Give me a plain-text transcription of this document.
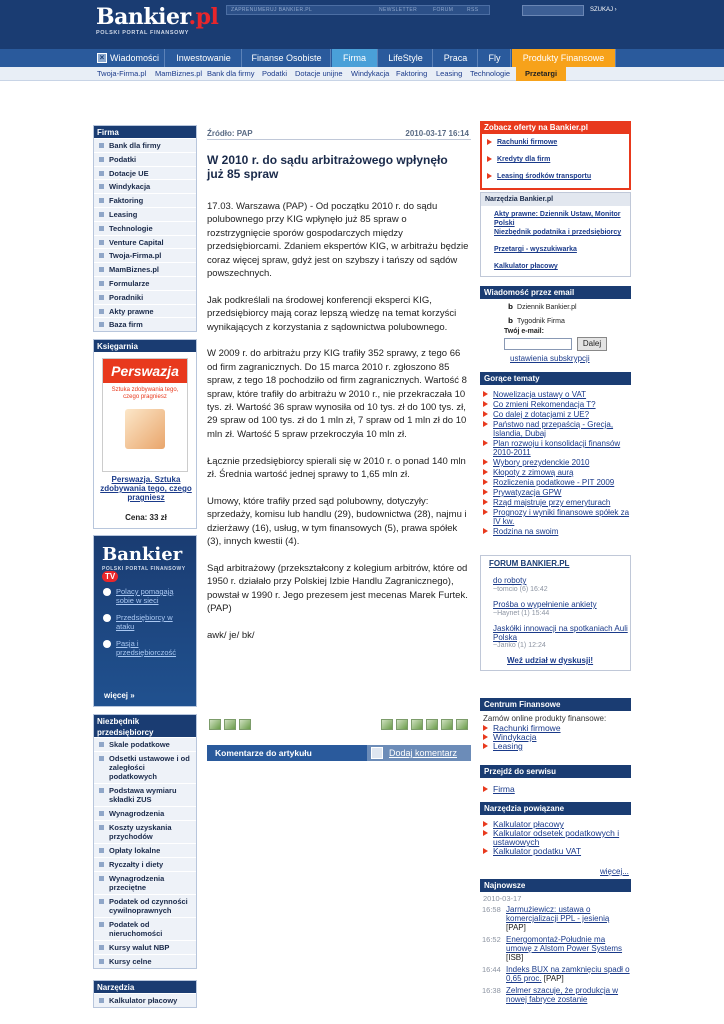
Bankier.pl
POLSKI PORTAL FINANSOWY
ZAPRENUMERUJ BANKIER.PL	NEWSLETTER	FORUM	RSS	SZUKAJ ›
Wiadomości	Inwestowanie	Finanse Osobiste	Firma	LifeStyle	Praca	Fly	Produkty Finansowe
×
Twoja-Firma.pl MamBiznes.pl Bank dla firmy Podatki Dotacje unijne Windykacja Faktoring Leasing Technologie	Przetargi
Firma
Bank dla firmy
Podatki
Dotacje UE
Windykacja
Faktoring
Leasing
Technologie
Venture Capital
Twoja-Firma.pl
MamBiznes.pl
Formularze
Poradniki
Akty prawne
Baza firm
Księgarnia
Perswazja
Sztuka zdobywania tego, czego pragniesz
Perswazja. Sztuka zdobywania tego, czego pragniesz
Cena: 33 zł
Bankier TV
POLSKI PORTAL FINANSOWY
Polacy pomagają sobie w sieci
Przedsiębiorcy w ataku
Pasja i przedsiębiorczość
więcej »
Niezbędnik przedsiębiorcy
Skale podatkowe
Odsetki ustawowe i od zaległości podatkowych
Podstawa wymiaru składki ZUS
Wynagrodzenia
Koszty uzyskania przychodów
Opłaty lokalne
Ryczałty i diety
Wynagrodzenia przeciętne
Podatek od czynności cywilnoprawnych
Podatek od nieruchomości
Kursy walut NBP
Kursy celne
Narzędzia
Kalkulator płacowy
Źródło: PAP	2010-03-17 16:14
W 2010 r. do sądu arbitrażowego wpłynęło już 85 spraw

17.03. Warszawa (PAP) - Od początku 2010 r. do sądu polubownego przy KIG wpłynęło już 85 spraw o rozstrzygnięcie sporów gospodarczych między przedsiębiorcami. Zdaniem ekspertów KIG, w arbitrażu będzie coraz więcej spraw, gdyż jest on szybszy i tańszy od sądów powszechnych.

Jak podkreślali na środowej konferencji eksperci KIG, przedsiębiorcy mają coraz lepszą wiedzę na temat korzyści wynikających z korzystania z sądownictwa polubownego.

W 2009 r. do arbitrażu przy KIG trafiły 352 sprawy, z tego 66 od firm zagranicznych. Do 15 marca 2010 r. zgłoszono 85 spraw, z tego 18 pochodziło od firm zagranicznych. Wartość 8 spraw, które trafiły do arbitrażu w 2010 r., nie przekraczała 10 tys. zł. Wartość 36 spraw wynosiła od 10 tys. zł do 100 tys. zł, 29 spraw od 100 tys. zł do 1 mln zł, 7 spraw od 1 mln zł do 10 mln zł. Wartość 5 spraw przekroczyła 10 mln zł.

Łącznie przedsiębiorcy spierali się w 2010 r. o ponad 140 mln zł. Średnia wartość jednej sprawy to 1,65 mln zł.

Umowy, które trafiły przed sąd polubowny, dotyczyły: sprzedaży, komisu lub handlu (29), budownictwa (28), najmu i dzierżawy (16), usług, w tym finansowych (5), prawa spółek (3), innych kwestii (4).

Sąd arbitrażowy (przekształcony z kolegium arbitrów, które od 1950 r. działało przy Polskiej Izbie Handlu Zagranicznego), powstał w 1990 r. Jego prezesem jest mecenas Marek Furtek. (PAP)

awk/ je/ bk/

Komentarze do artykułu	Dodaj komentarz
Zobacz oferty na Bankier.pl
Rachunki firmowe
Kredyty dla firm
Leasing środków transportu
Narzędzia Bankier.pl
Akty prawne: Dziennik Ustaw, Monitor Polski
Niezbędnik podatnika i przedsiębiorcy
Przetargi - wyszukiwarka
Kalkulator płacowy
Wiadomość przez email
b Dziennik Bankier.pl
b Tygodnik Firma
Twój e-mail:
Dalej
ustawienia subskrypcji
Gorące tematy
Nowelizacja ustawy o VAT
Co zmieni Rekomendacja T?
Co dalej z dotacjami z UE?
Państwo nad przepaścią - Grecja, Islandia, Dubaj
Plan rozwoju i konsolidacji finansów 2010-2011
Wybory prezydenckie 2010
Kłopoty z zimową aurą
Rozliczenia podatkowe - PIT 2009
Prywatyzacja GPW
Rząd majstruje przy emeryturach
Prognozy i wyniki finansowe spółek za IV kw.
Rodzina na swoim
FORUM BANKIER.PL
do roboty
~tomcio (6) 16:42
Prośba o wypełnienie ankiety
~Haynet (1) 15:44
Jaskółki innowacji na spotkaniach Auli Polska
~Janko (1) 12:24
Weź udział w dyskusji!
Centrum Finansowe
Zamów online produkty finansowe:
Rachunki firmowe
Windykacja
Leasing
Przejdź do serwisu
Firma
Narzędzia powiązane
Kalkulator płacowy
Kalkulator odsetek podatkowych i ustawowych
Kalkulator podatku VAT
więcej...
Najnowsze
2010-03-17
16:58 Jarmużiewicz: ustawa o komercjalizacji PPL - jesienią [PAP]
16:52 Energomontaż-Południe ma umowę z Alstom Power Systems [ISB]
16:44 Indeks BUX na zamknięciu spadł o 0,65 proc. [PAP]
16:38 Zelmer szacuje, że produkcja w nowej fabryce zostanie
